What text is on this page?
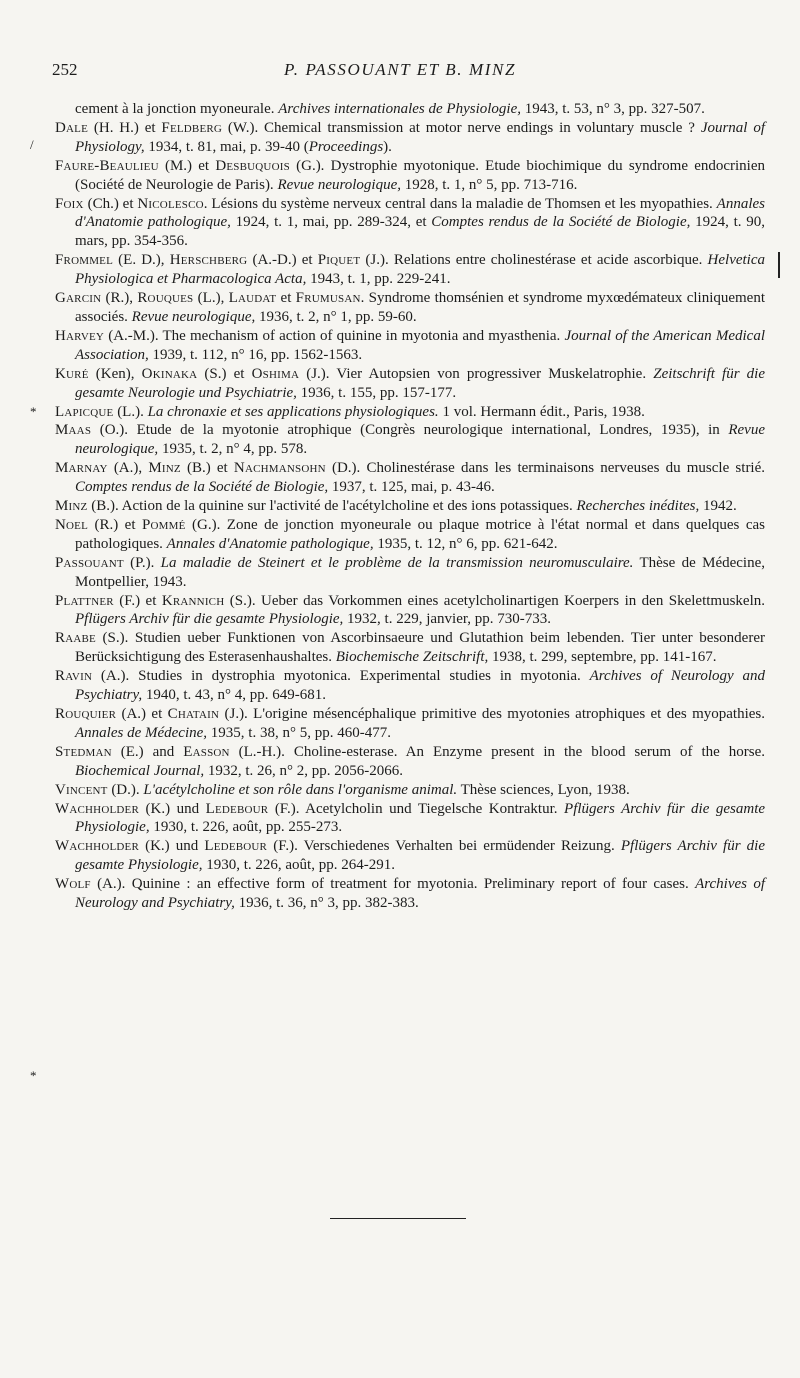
252	P. PASSOUANT ET B. MINZ
/
*
*

cement à la jonction myoneurale. Archives internationales de Physiologie, 1943, t. 53, n° 3, pp. 327-507.

Dale (H. H.) et Feldberg (W.). Chemical transmission at motor nerve endings in voluntary muscle ? Journal of Physiology, 1934, t. 81, mai, p. 39-40 (Proceedings).

Faure-Beaulieu (M.) et Desbuquois (G.). Dystrophie myotonique. Etude biochimique du syndrome endocrinien (Société de Neurologie de Paris). Revue neurologique, 1928, t. 1, n° 5, pp. 713-716.

Foix (Ch.) et Nicolesco. Lésions du système nerveux central dans la maladie de Thomsen et les myopathies. Annales d'Anatomie pathologique, 1924, t. 1, mai, pp. 289-324, et Comptes rendus de la Société de Biologie, 1924, t. 90, mars, pp. 354-356.

Frommel (E. D.), Herschberg (A.-D.) et Piquet (J.). Relations entre cholinestérase et acide ascorbique. Helvetica Physiologica et Pharmacologica Acta, 1943, t. 1, pp. 229-241.

Garcin (R.), Rouques (L.), Laudat et Frumusan. Syndrome thomsénien et syndrome myxœdémateux cliniquement associés. Revue neurologique, 1936, t. 2, n° 1, pp. 59-60.

Harvey (A.-M.). The mechanism of action of quinine in myotonia and myasthenia. Journal of the American Medical Association, 1939, t. 112, n° 16, pp. 1562-1563.

Kuré (Ken), Okinaka (S.) et Oshima (J.). Vier Autopsien von progressiver Muskelatrophie. Zeitschrift für die gesamte Neurologie und Psychiatrie, 1936, t. 155, pp. 157-177.

Lapicque (L.). La chronaxie et ses applications physiologiques. 1 vol. Hermann édit., Paris, 1938.

Maas (O.). Etude de la myotonie atrophique (Congrès neurologique international, Londres, 1935), in Revue neurologique, 1935, t. 2, n° 4, pp. 578.

Marnay (A.), Minz (B.) et Nachmansohn (D.). Cholinestérase dans les terminaisons nerveuses du muscle strié. Comptes rendus de la Société de Biologie, 1937, t. 125, mai, p. 43-46.

Minz (B.). Action de la quinine sur l'activité de l'acétylcholine et des ions potassiques. Recherches inédites, 1942.

Noel (R.) et Pommé (G.). Zone de jonction myoneurale ou plaque motrice à l'état normal et dans quelques cas pathologiques. Annales d'Anatomie pathologique, 1935, t. 12, n° 6, pp. 621-642.

Passouant (P.). La maladie de Steinert et le problème de la transmission neuromusculaire. Thèse de Médecine, Montpellier, 1943.

Plattner (F.) et Krannich (S.). Ueber das Vorkommen eines acetylcholinartigen Koerpers in den Skelettmuskeln. Pflügers Archiv für die gesamte Physiologie, 1932, t. 229, janvier, pp. 730-733.

Raabe (S.). Studien ueber Funktionen von Ascorbinsaeure und Glutathion beim lebenden. Tier unter besonderer Berücksichtigung des Esterasenhaushaltes. Biochemische Zeitschrift, 1938, t. 299, septembre, pp. 141-167.

Ravin (A.). Studies in dystrophia myotonica. Experimental studies in myotonia. Archives of Neurology and Psychiatry, 1940, t. 43, n° 4, pp. 649-681.

Rouquier (A.) et Chatain (J.). L'origine mésencéphalique primitive des myotonies atrophiques et des myopathies. Annales de Médecine, 1935, t. 38, n° 5, pp. 460-477.

Stedman (E.) and Easson (L.-H.). Choline-esterase. An Enzyme present in the blood serum of the horse. Biochemical Journal, 1932, t. 26, n° 2, pp. 2056-2066.

Vincent (D.). L'acétylcholine et son rôle dans l'organisme animal. Thèse sciences, Lyon, 1938.

Wachholder (K.) und Ledebour (F.). Acetylcholin und Tiegelsche Kontraktur. Pflügers Archiv für die gesamte Physiologie, 1930, t. 226, août, pp. 255-273.

Wachholder (K.) und Ledebour (F.). Verschiedenes Verhalten bei ermüdender Reizung. Pflügers Archiv für die gesamte Physiologie, 1930, t. 226, août, pp. 264-291.

Wolf (A.). Quinine : an effective form of treatment for myotonia. Preliminary report of four cases. Archives of Neurology and Psychiatry, 1936, t. 36, n° 3, pp. 382-383.
